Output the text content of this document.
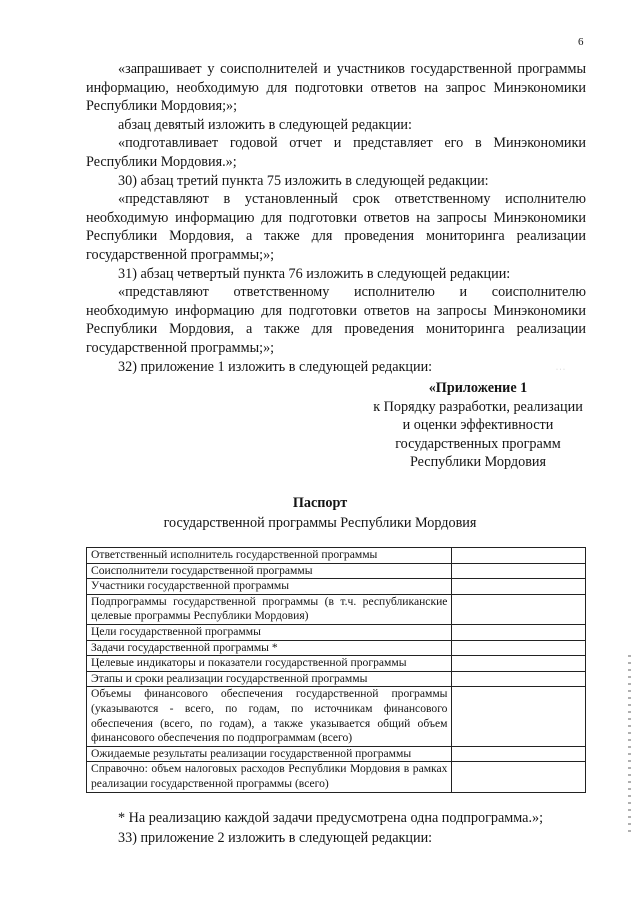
6

«запрашивает у соисполнителей и участников государственной программы информацию, необходимую для подготовки ответов на запрос Минэкономики Республики Мордовия;»;

абзац девятый изложить в следующей редакции:

«подготавливает годовой отчет и представляет его в Минэкономики Республики Мордовия.»;

30) абзац третий пункта 75 изложить в следующей редакции:

«представляют в установленный срок ответственному исполнителю необходимую информацию для подготовки ответов на запросы Минэкономики Республики Мордовия, а также для проведения мониторинга реализации государственной программы;»;

31) абзац четвертый пункта 76 изложить в следующей редакции:

«представляют ответственному исполнителю и соисполнителю необходимую информацию для подготовки ответов на запросы Минэкономики Республики Мордовия, а также для проведения мониторинга реализации государственной программы;»;

32) приложение 1 изложить в следующей редакции:	· · ·
«Приложение 1
к Порядку разработки, реализации
и оценки эффективности
государственных программ
Республики Мордовия
Паспорт
государственной программы Республики Мордовия
Ответственный исполнитель государственной программы	
Соисполнители государственной программы	
Участники государственной программы	
Подпрограммы государственной программы (в т.ч. республиканские целевые программы Республики Мордовия)	
Цели государственной программы	
Задачи государственной программы *	
Целевые индикаторы и показатели государственной программы	
Этапы и сроки реализации государственной программы	
Объемы финансового обеспечения государственной программы (указываются - всего, по годам, по источникам финансового обеспечения (всего, по годам), а также указывается общий объем финансового обеспечения по подпрограммам (всего)	
Ожидаемые результаты реализации государственной программы	
Справочно: объем налоговых расходов Республики Мордовия в рамках реализации государственной программы (всего)	

* На реализацию каждой задачи предусмотрена одна подпрограмма.»;

33) приложение 2 изложить в следующей редакции:
